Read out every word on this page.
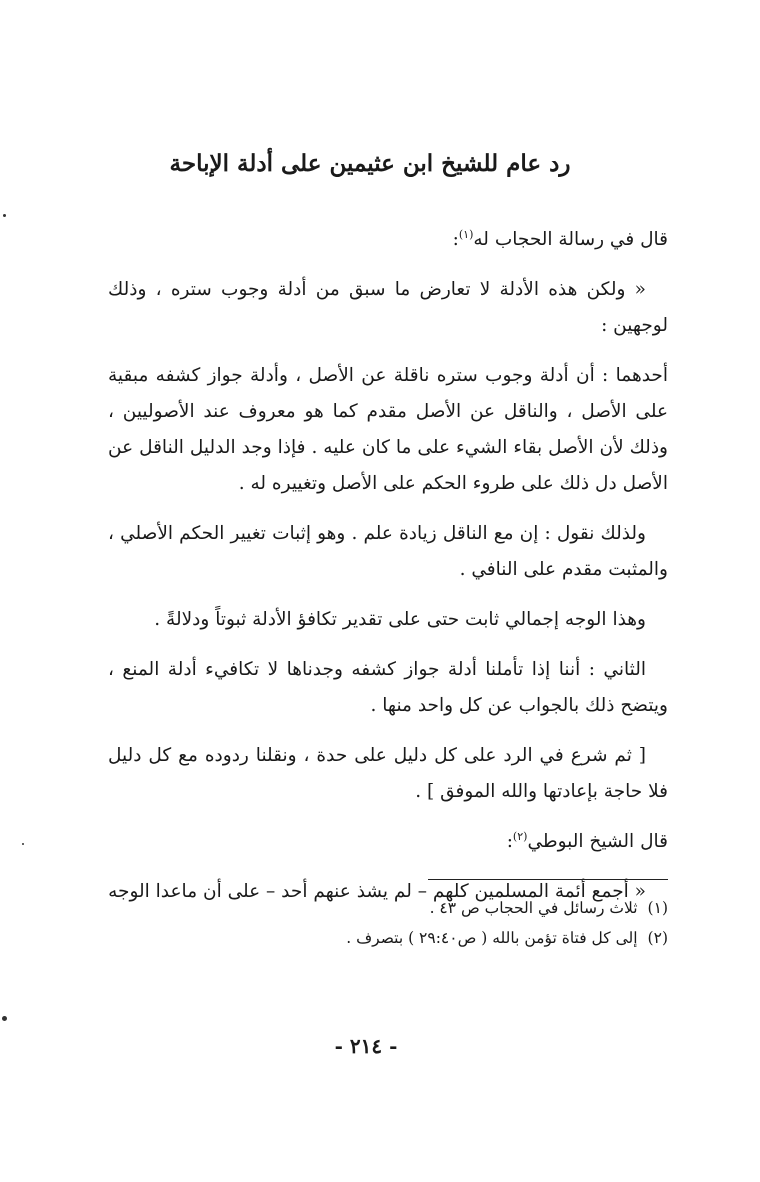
رد عام للشيخ ابن عثيمين على أدلة الإباحة

قال في رسالة الحجاب له$^{(١)}$:

« ولكن هذه الأدلة لا تعارض ما سبق من أدلة وجوب ستره ، وذلك لوجهين :

أحدهما : أن أدلة وجوب ستره ناقلة عن الأصل ، وأدلة جواز كشفه مبقية على الأصل ، والناقل عن الأصل مقدم كما هو معروف عند الأصوليين ، وذلك لأن الأصل بقاء الشيء على ما كان عليه . فإذا وجد الدليل الناقل عن الأصل دل ذلك على طروء الحكم على الأصل وتغييره له .

ولذلك نقول : إن مع الناقل زيادة علم . وهو إثبات تغيير الحكم الأصلي ، والمثبت مقدم على النافي .

وهذا الوجه إجمالي ثابت حتى على تقدير تكافؤ الأدلة ثبوتاً ودلالةً .

الثاني : أننا إذا تأملنا أدلة جواز كشفه وجدناها لا تكافيء أدلة المنع ، ويتضح ذلك بالجواب عن كل واحد منها .

[ ثم شرع في الرد على كل دليل على حدة ، ونقلنا ردوده مع كل دليل فلا حاجة بإعادتها والله الموفق ] .

قال الشيخ البوطي$^{(٢)}$:

« أجمع أئمة المسلمين كلهم – لم يشذ عنهم أحد – على أن ماعدا الوجه

(١)
ثلاث رسائل في الحجاب ص ٤٣ .
(٢)
إلى كل فتاة تؤمن بالله ( ص٢٩:٤٠ ) بتصرف .
- ٢١٤ -
